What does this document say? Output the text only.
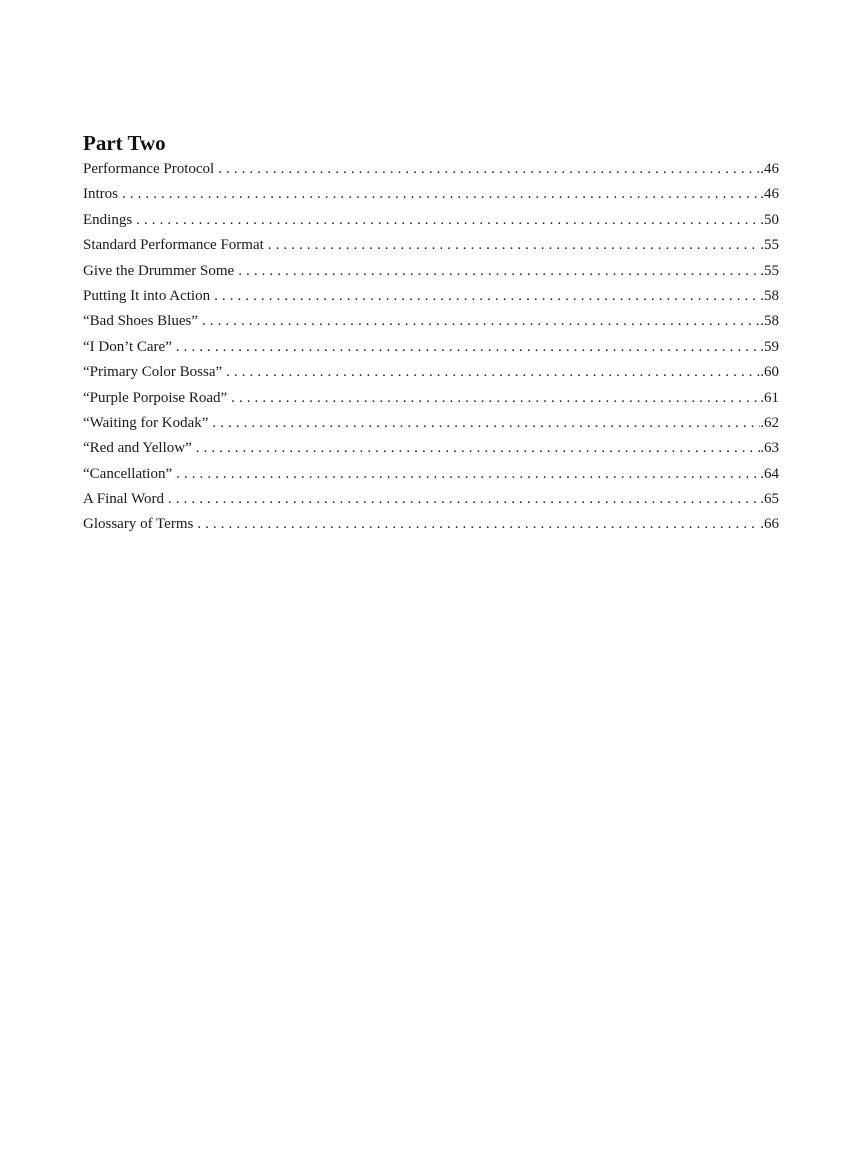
Part Two
Performance Protocol .....	.46
Intros .....	.46
Endings .....	.50
Standard Performance Format .....	.55
Give the Drummer Some .....	.55
Putting It into Action .....	.58
“Bad Shoes Blues” .....	.58
“I Don’t Care” .....	.59
“Primary Color Bossa” .....	.60
“Purple Porpoise Road” .....	.61
“Waiting for Kodak” .....	.62
“Red and Yellow” .....	.63
“Cancellation” .....	.64
A Final Word .....	.65
Glossary of Terms .....	.66
